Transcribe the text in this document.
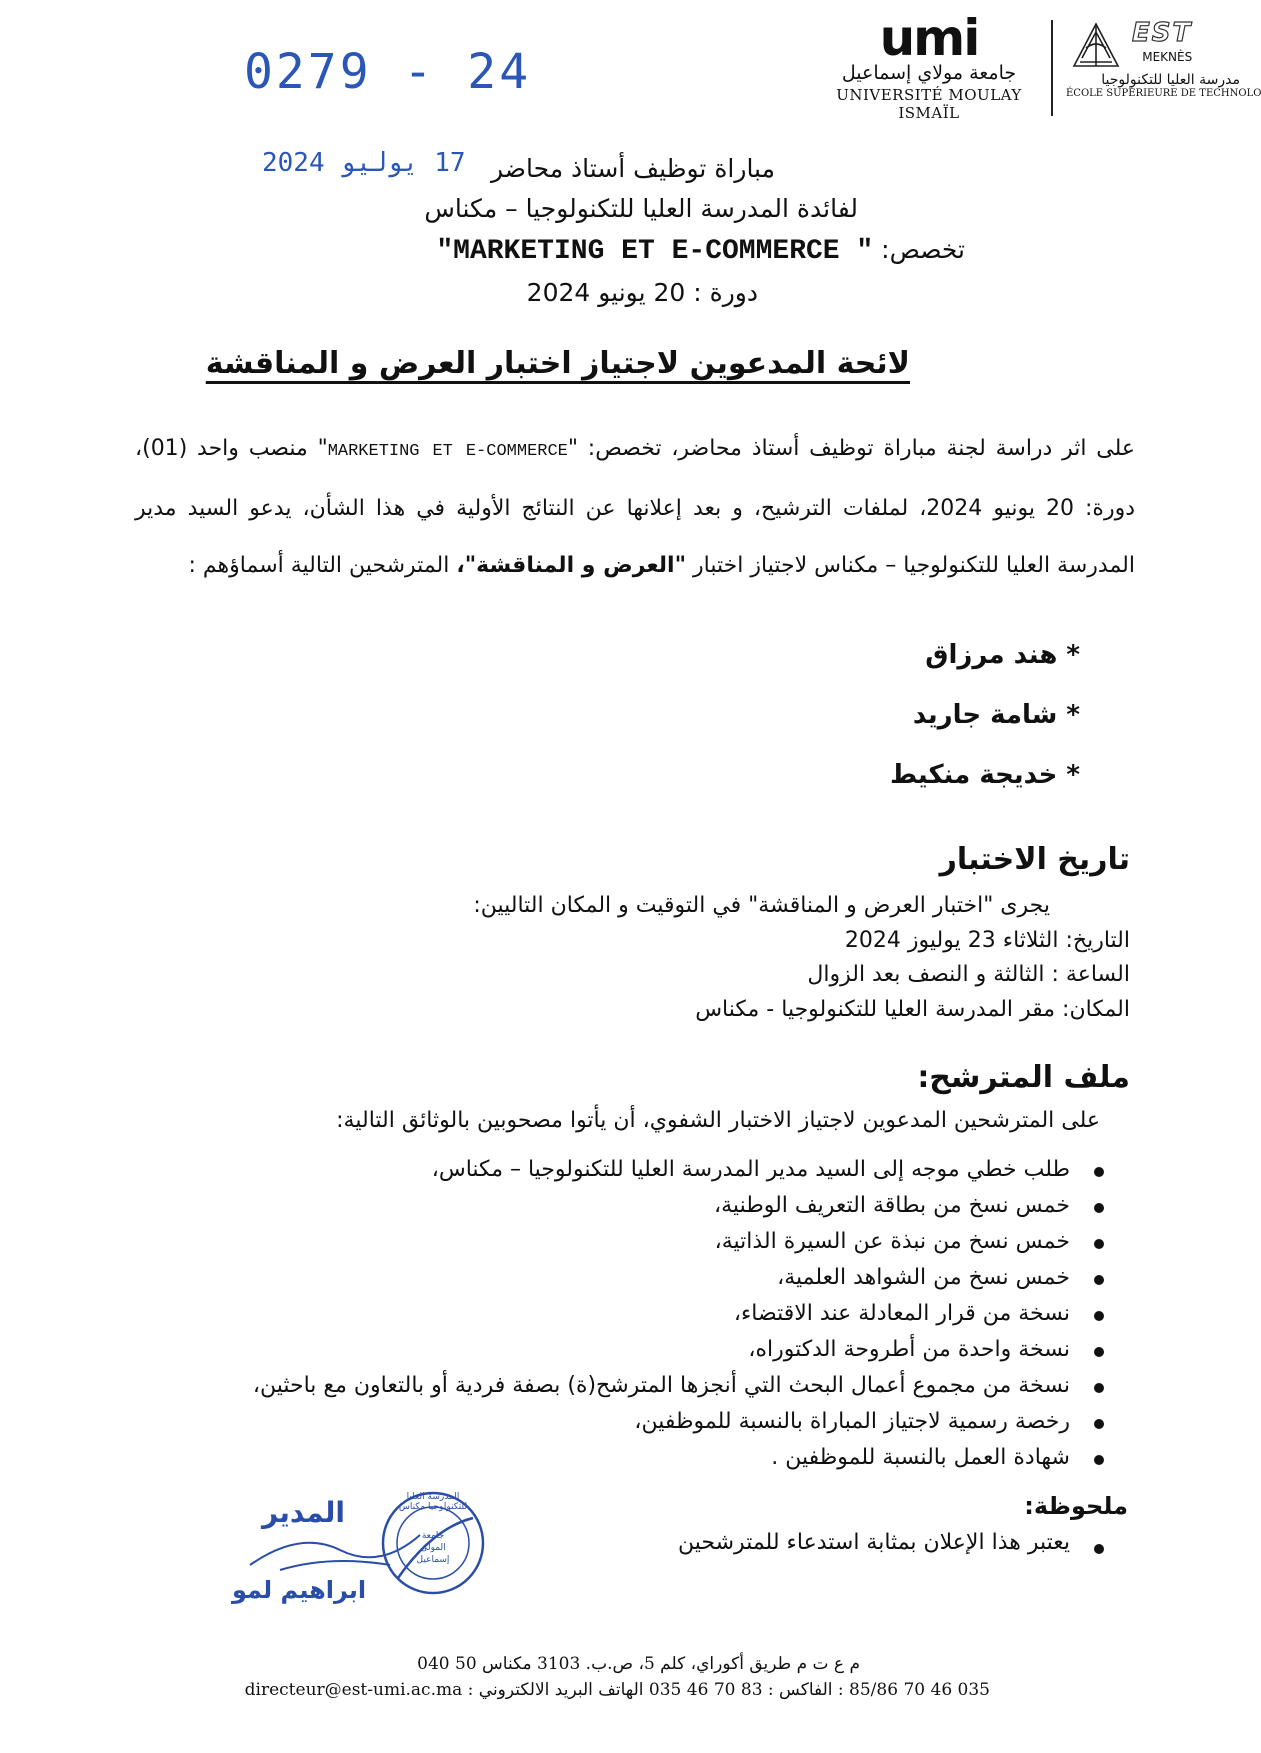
0279 - 24
17 يوليو 2024
umi
جامعة مولاي إسماعيل
UNIVERSITÉ MOULAY ISMAÏL
EST
MEKNÈS
مدرسة العليا للتكنولوجيا
ÉCOLE SUPÉRIEURE DE TECHNOLO
مباراة توظيف أستاذ محاضر
لفائدة المدرسة العليا للتكنولوجيا – مكناس
تخصص: "MARKETING ET E-COMMERCE "
دورة : 20 يونيو 2024
لائحة المدعوين لاجتياز اختبار العرض و المناقشة
على اثر دراسة لجنة مباراة توظيف أستاذ محاضر، تخصص: "MARKETING ET E-COMMERCE" منصب واحد (01)، دورة: 20 يونيو 2024، لملفات الترشيح، و بعد إعلانها عن النتائج الأولية في هذا الشأن، يدعو السيد مدير المدرسة العليا للتكنولوجيا – مكناس لاجتياز اختبار "العرض و المناقشة"، المترشحين التالية أسماؤهم :
* هند مرزاق
* شامة جاريد
* خديجة منكيط
تاريخ الاختبار
يجرى "اختبار العرض و المناقشة" في التوقيت و المكان التاليين:
التاريخ: الثلاثاء 23 يوليوز 2024
الساعة : الثالثة و النصف بعد الزوال
المكان: مقر المدرسة العليا للتكنولوجيا - مكناس
ملف المترشح:
على المترشحين المدعوين لاجتياز الاختبار الشفوي، أن يأتوا مصحوبين بالوثائق التالية:
طلب خطي موجه إلى السيد مدير المدرسة العليا للتكنولوجيا – مكناس،
خمس نسخ من بطاقة التعريف الوطنية،
خمس نسخ من نبذة عن السيرة الذاتية،
خمس نسخ من الشواهد العلمية،
نسخة من قرار المعادلة عند الاقتضاء،
نسخة واحدة من أطروحة الدكتوراه،
نسخة من مجموع أعمال البحث التي أنجزها المترشح(ة) بصفة فردية أو بالتعاون مع باحثين،
رخصة رسمية لاجتياز المباراة بالنسبة للموظفين،
شهادة العمل بالنسبة للموظفين .
ملحوظة:
يعتبر هذا الإعلان بمثابة استدعاء للمترشحين
المدرسة العليا للتكنولوجيا مكناس
جامعة المولى إسماعيل
المدير
ابراهيم لمو
م ع ت م طريق أكوراي، كلم 5، ص.ب. 3103 مكناس 50 040
035 46 70 85/86 : الفاكس : 83 70 46 035 الهاتف البريد الالكتروني : directeur@est-umi.ac.ma
